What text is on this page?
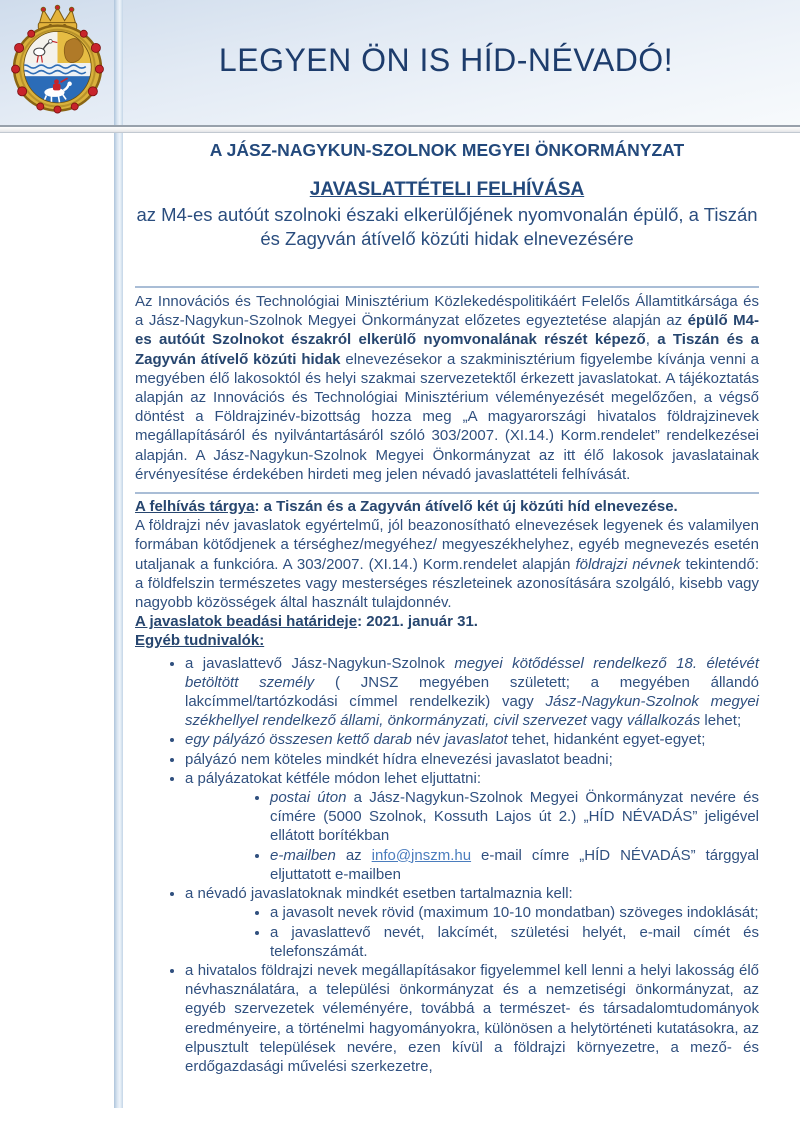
LEGYEN ÖN IS HÍD-NÉVADÓ!
A JÁSZ-NAGYKUN-SZOLNOK MEGYEI ÖNKORMÁNYZAT
JAVASLATTÉTELI FELHÍVÁSA
az M4-es autóút szolnoki északi elkerülőjének nyomvonalán épülő, a Tiszán és Zagyván átívelő közúti hidak elnevezésére

Az Innovációs és Technológiai Minisztérium Közlekedéspolitikáért Felelős Államtitkársága és a Jász-Nagykun-Szolnok Megyei Önkormányzat előzetes egyeztetése alapján az épülő M4-es autóút Szolnokot északról elkerülő nyomvonalának részét képező, a Tiszán és a Zagyván átívelő közúti hidak elnevezésekor a szakminisztérium figyelembe kívánja venni a megyében élő lakosoktól és helyi szakmai szervezetektől érkezett javaslatokat. A tájékoztatás alapján az Innovációs és Technológiai Minisztérium véleményezését megelőzően, a végső döntést a Földrajzinév-bizottság hozza meg „A magyarországi hivatalos földrajzinevek megállapításáról és nyilvántartásáról szóló 303/2007. (XI.14.) Korm.rendelet” rendelkezései alapján. A Jász-Nagykun-Szolnok Megyei Önkormányzat az itt élő lakosok javaslatainak érvényesítése érdekében hirdeti meg jelen névadó javaslattételi felhívását.

A felhívás tárgya: a Tiszán és a Zagyván átívelő két új közúti híd elnevezése.

A földrajzi név javaslatok egyértelmű, jól beazonosítható elnevezések legyenek és valamilyen formában kötődjenek a térséghez/megyéhez/ megyeszékhelyhez, egyéb megnevezés esetén utaljanak a funkcióra. A 303/2007. (XI.14.) Korm.rendelet alapján földrajzi névnek tekintendő: a földfelszin természetes vagy mesterséges részleteinek azonosítására szolgáló, kisebb vagy nagyobb közösségek által használt tulajdonnév.

A javaslatok beadási határideje: 2021. január 31.

Egyéb tudnivalók:

• a javaslattevő Jász-Nagykun-Szolnok megyei kötődéssel rendelkező 18. életévét betöltött személy ( JNSZ megyében született; a megyében állandó lakcímmel/tartózkodási címmel rendelkezik) vagy Jász-Nagykun-Szolnok megyei székhellyel rendelkező állami, önkormányzati, civil szervezet vagy vállalkozás lehet;
• egy pályázó összesen kettő darab név javaslatot tehet, hidanként egyet-egyet;
• pályázó nem köteles mindkét hídra elnevezési javaslatot beadni;
• a pályázatokat kétféle módon lehet eljuttatni:
• postai úton a Jász-Nagykun-Szolnok Megyei Önkormányzat nevére és címére (5000 Szolnok, Kossuth Lajos út 2.) „HÍD NÉVADÁS” jeligével ellátott borítékban
• e-mailben az info@jnszm.hu e-mail címre „HÍD NÉVADÁS” tárggyal eljuttatott e-mailben
• a névadó javaslatoknak mindkét esetben tartalmaznia kell:
• a javasolt nevek rövid (maximum 10-10 mondatban) szöveges indoklását;
• a javaslattevő nevét, lakcímét, születési helyét, e-mail címét és telefonszámát.
• a hivatalos földrajzi nevek megállapításakor figyelemmel kell lenni a helyi lakosság élő névhasználatára, a települési önkormányzat és a nemzetiségi önkormányzat, az egyéb szervezetek véleményére, továbbá a természet- és társadalomtudományok eredményeire, a történelmi hagyományokra, különösen a helytörténeti kutatásokra, az elpusztult települések nevére, ezen kívül a földrajzi környezetre, a mező- és erdőgazdasági művelési szerkezetre,
